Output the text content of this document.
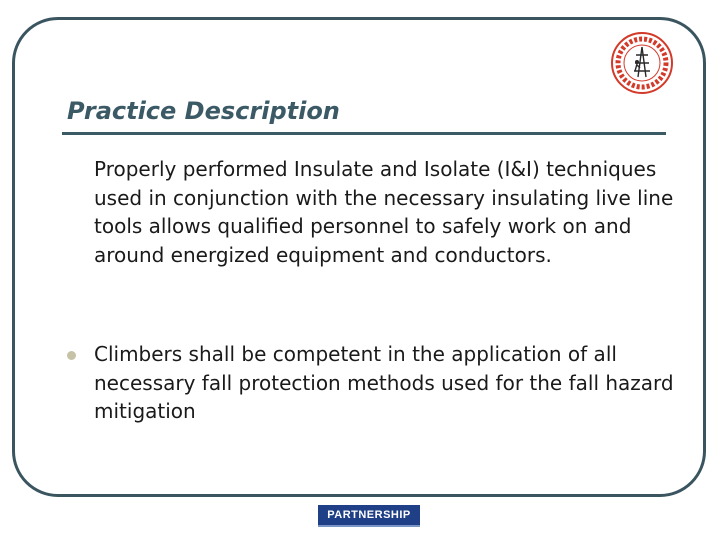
Practice Description

Properly performed Insulate and Isolate (I&I) techniques used in conjunction with the necessary insulating live line tools allows qualified personnel to safely work on and around energized equipment and conductors.

Climbers shall be competent in the application of all necessary fall protection methods used for the fall hazard mitigation

PARTNERSHIP
